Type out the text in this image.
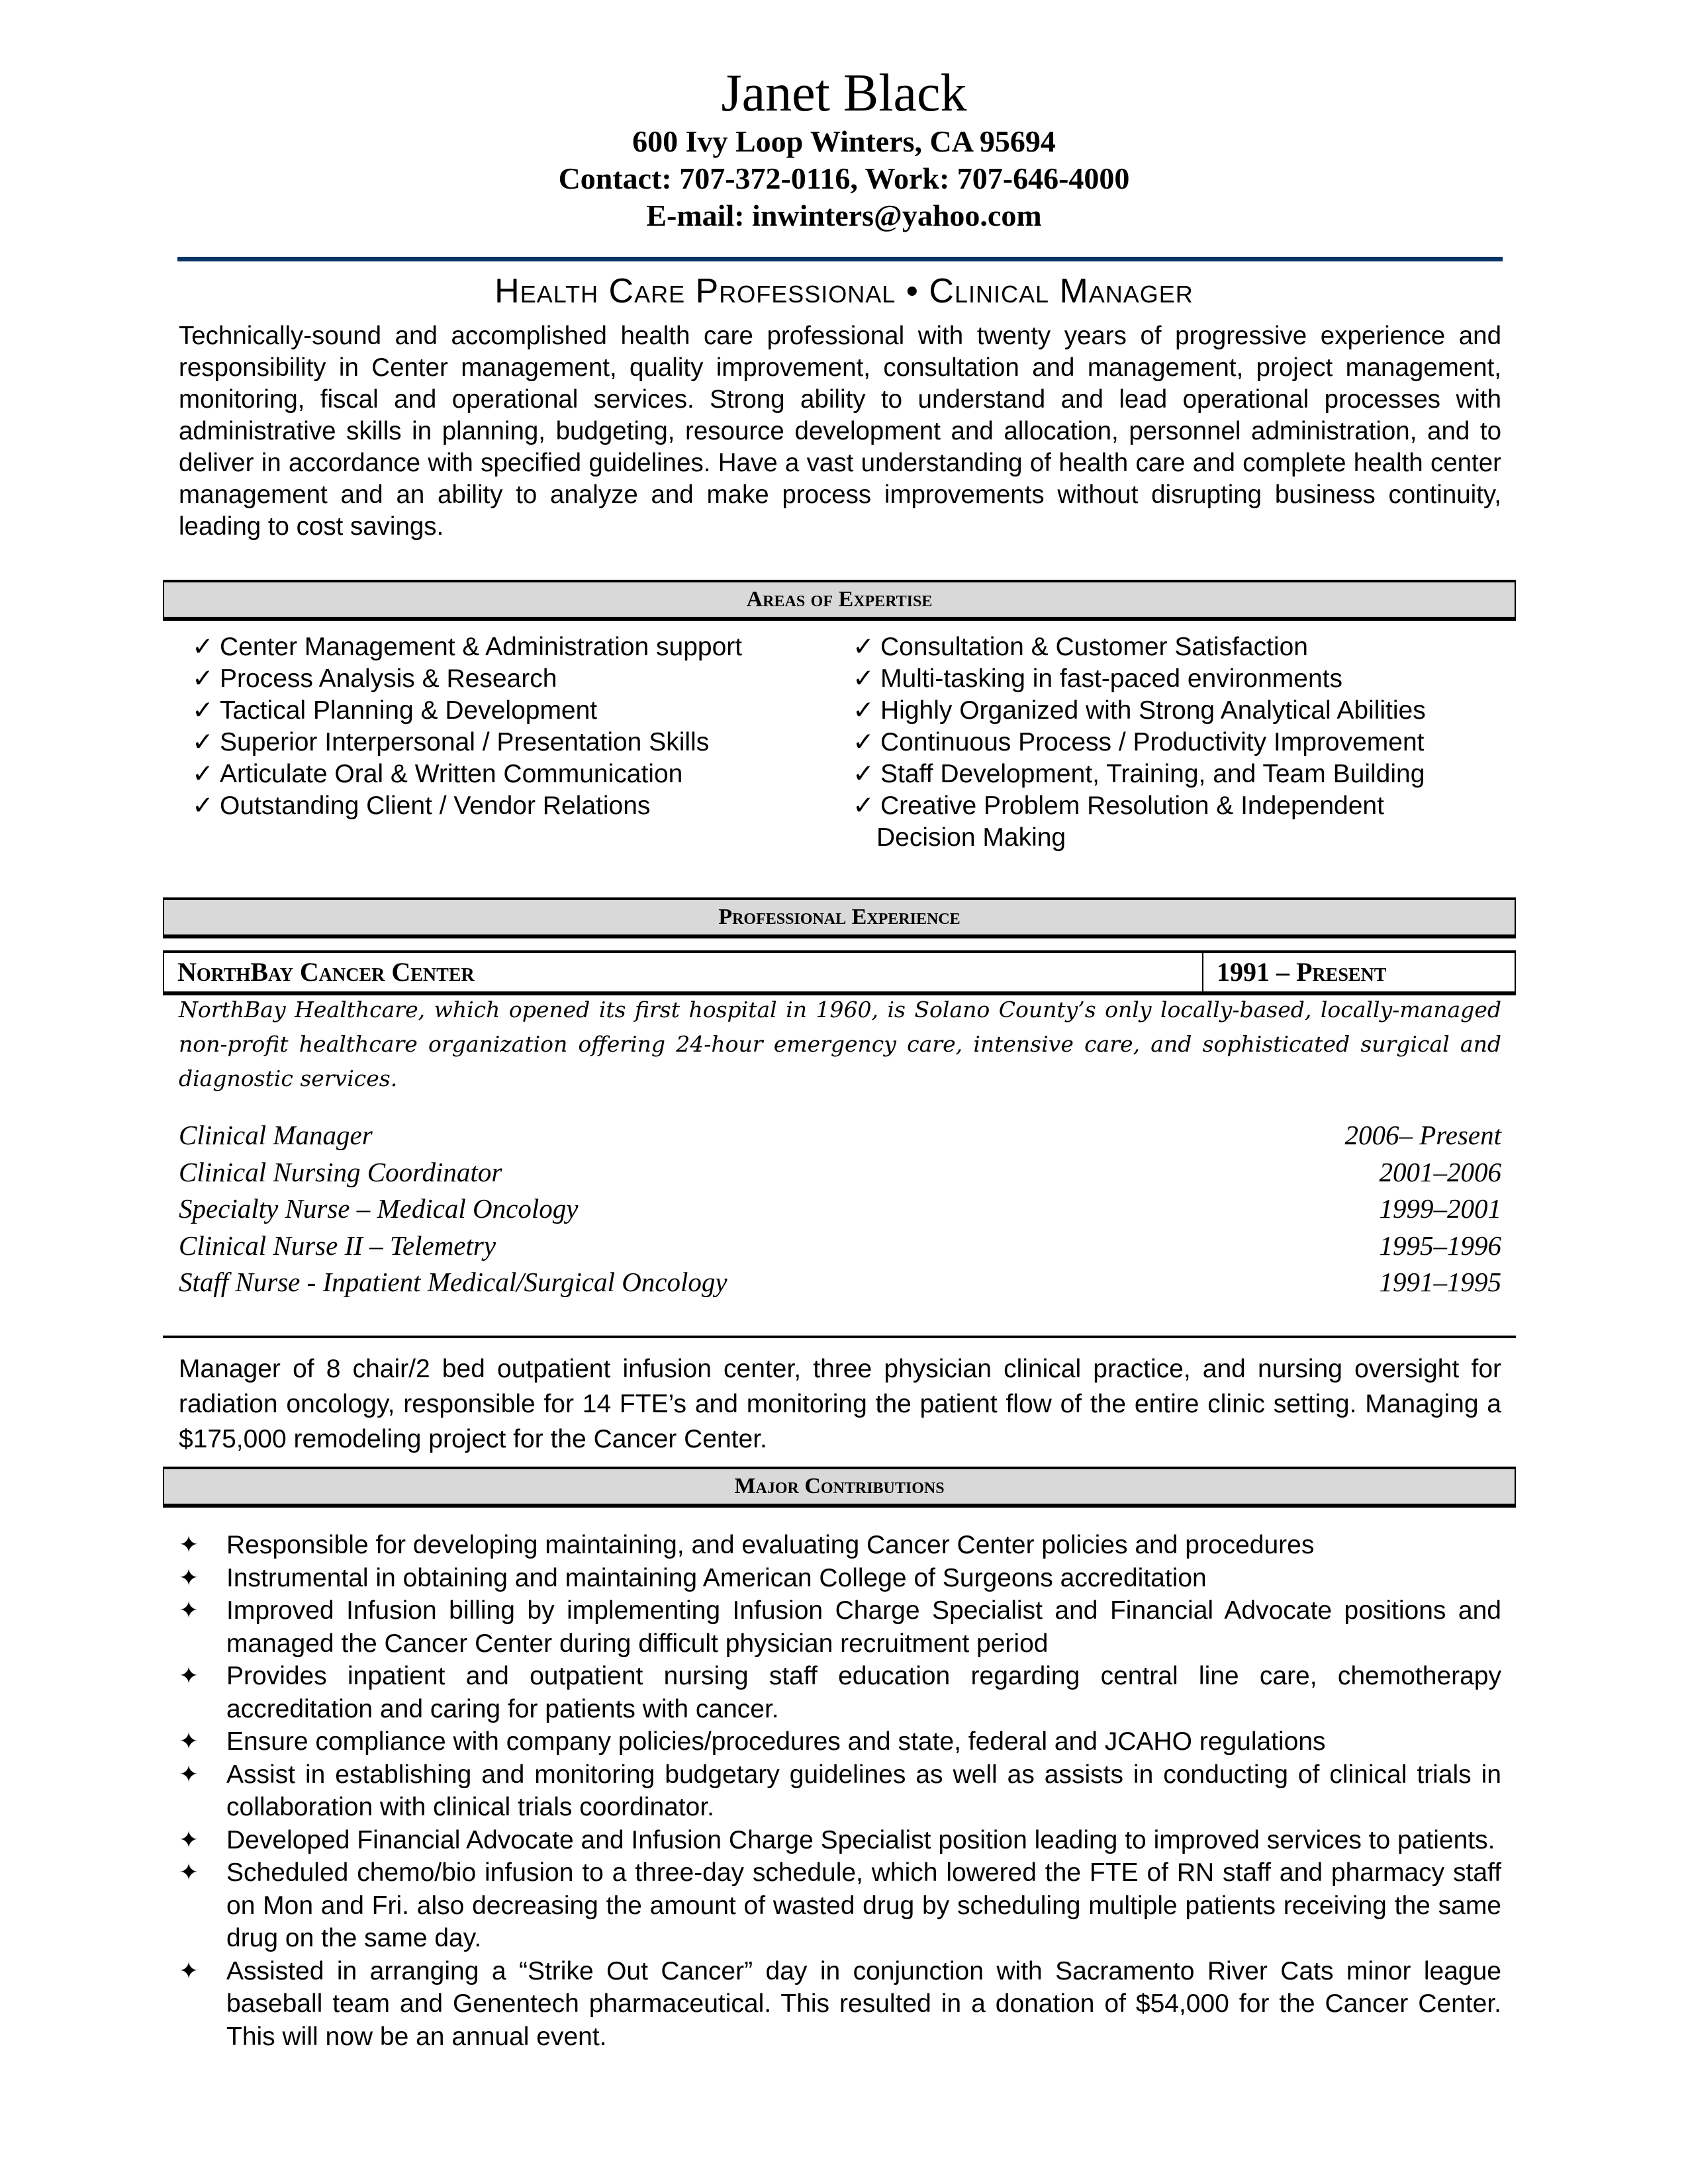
Janet Black
600 Ivy Loop Winters, CA 95694
Contact: 707-372-0116, Work: 707-646-4000
E-mail: inwinters@yahoo.com
Health Care Professional • Clinical Manager
Technically-sound and accomplished health care professional with twenty years of progressive experience and responsibility in Center management, quality improvement, consultation and management, project management, monitoring, fiscal and operational services. Strong ability to understand and lead operational processes with administrative skills in planning, budgeting, resource development and allocation, personnel administration, and to deliver in accordance with specified guidelines. Have a vast understanding of health care and complete health center management and an ability to analyze and make process improvements without disrupting business continuity, leading to cost savings.
Areas of Expertise
✓ Center Management & Administration support
✓ Process Analysis & Research
✓ Tactical Planning & Development
✓ Superior Interpersonal / Presentation Skills
✓ Articulate Oral & Written Communication
✓ Outstanding Client / Vendor Relations
✓ Consultation & Customer Satisfaction
✓ Multi-tasking in fast-paced environments
✓ Highly Organized with Strong Analytical Abilities
✓ Continuous Process / Productivity Improvement
✓ Staff Development, Training, and Team Building
✓ Creative Problem Resolution & Independent
Decision Making
Professional Experience
NorthBay Cancer Center	1991 – Present
NorthBay Healthcare, which opened its first hospital in 1960, is Solano County’s only locally-based, locally-managed non-profit healthcare organization offering 24-hour emergency care, intensive care, and sophisticated surgical and diagnostic services.
Clinical Manager	2006– Present
Clinical Nursing Coordinator	2001–2006
Specialty Nurse – Medical Oncology	1999–2001
Clinical Nurse II – Telemetry	1995–1996
Staff Nurse - Inpatient Medical/Surgical Oncology	1991–1995
Manager of 8 chair/2 bed outpatient infusion center, three physician clinical practice, and nursing oversight for radiation oncology, responsible for 14 FTE’s and monitoring the patient flow of the entire clinic setting. Managing a $175,000 remodeling project for the Cancer Center.
Major Contributions
✦ Responsible for developing maintaining, and evaluating Cancer Center policies and procedures
✦ Instrumental in obtaining and maintaining American College of Surgeons accreditation
✦ Improved Infusion billing by implementing Infusion Charge Specialist and Financial Advocate positions and managed the Cancer Center during difficult physician recruitment period
✦ Provides inpatient and outpatient nursing staff education regarding central line care, chemotherapy accreditation and caring for patients with cancer.
✦ Ensure compliance with company policies/procedures and state, federal and JCAHO regulations
✦ Assist in establishing and monitoring budgetary guidelines as well as assists in conducting of clinical trials in collaboration with clinical trials coordinator.
✦ Developed Financial Advocate and Infusion Charge Specialist position leading to improved services to patients.
✦ Scheduled chemo/bio infusion to a three-day schedule, which lowered the FTE of RN staff and pharmacy staff on Mon and Fri. also decreasing the amount of wasted drug by scheduling multiple patients receiving the same drug on the same day.
✦ Assisted in arranging a “Strike Out Cancer” day in conjunction with Sacramento River Cats minor league baseball team and Genentech pharmaceutical. This resulted in a donation of $54,000 for the Cancer Center. This will now be an annual event.
